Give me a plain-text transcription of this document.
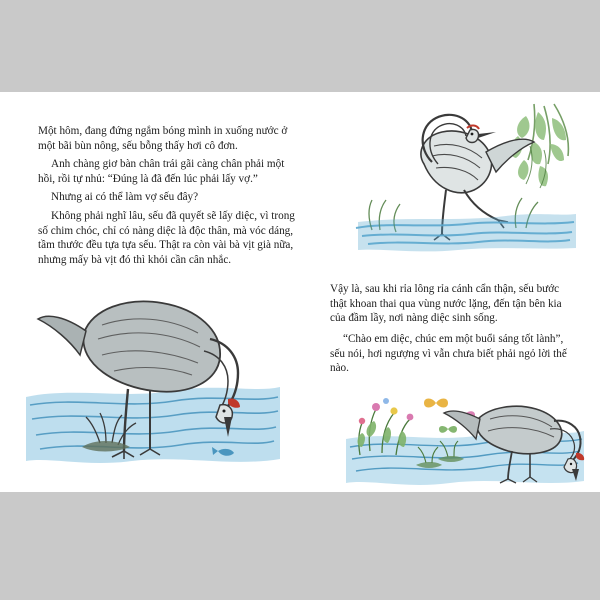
Một hôm, đang đứng ngắm bóng mình in xuống nước ở một bãi bùn nông, sếu bỗng thấy hơi cô đơn.

Anh chàng giơ bàn chân trái gãi càng chân phải một hồi, rồi tự nhủ: “Đúng là đã đến lúc phải lấy vợ.”

Nhưng ai có thể làm vợ sếu đây?

Không phải nghĩ lâu, sếu đã quyết sẽ lấy diệc, vì trong số chim chóc, chỉ có nàng diệc là độc thân, mà vóc dáng, tầm thước đều tựa tựa sếu. Thật ra còn vài bà vịt già nữa, nhưng mấy bà vịt đó thì khỏi cần cân nhắc.

Vậy là, sau khi rỉa lông rỉa cánh cẩn thận, sếu bước thật khoan thai qua vùng nước lặng, đến tận bên kia của đầm lầy, nơi nàng diệc sinh sống.

“Chào em diệc, chúc em một buổi sáng tốt lành”, sếu nói, hơi ngượng vì vẫn chưa biết phải ngỏ lời thế nào.
